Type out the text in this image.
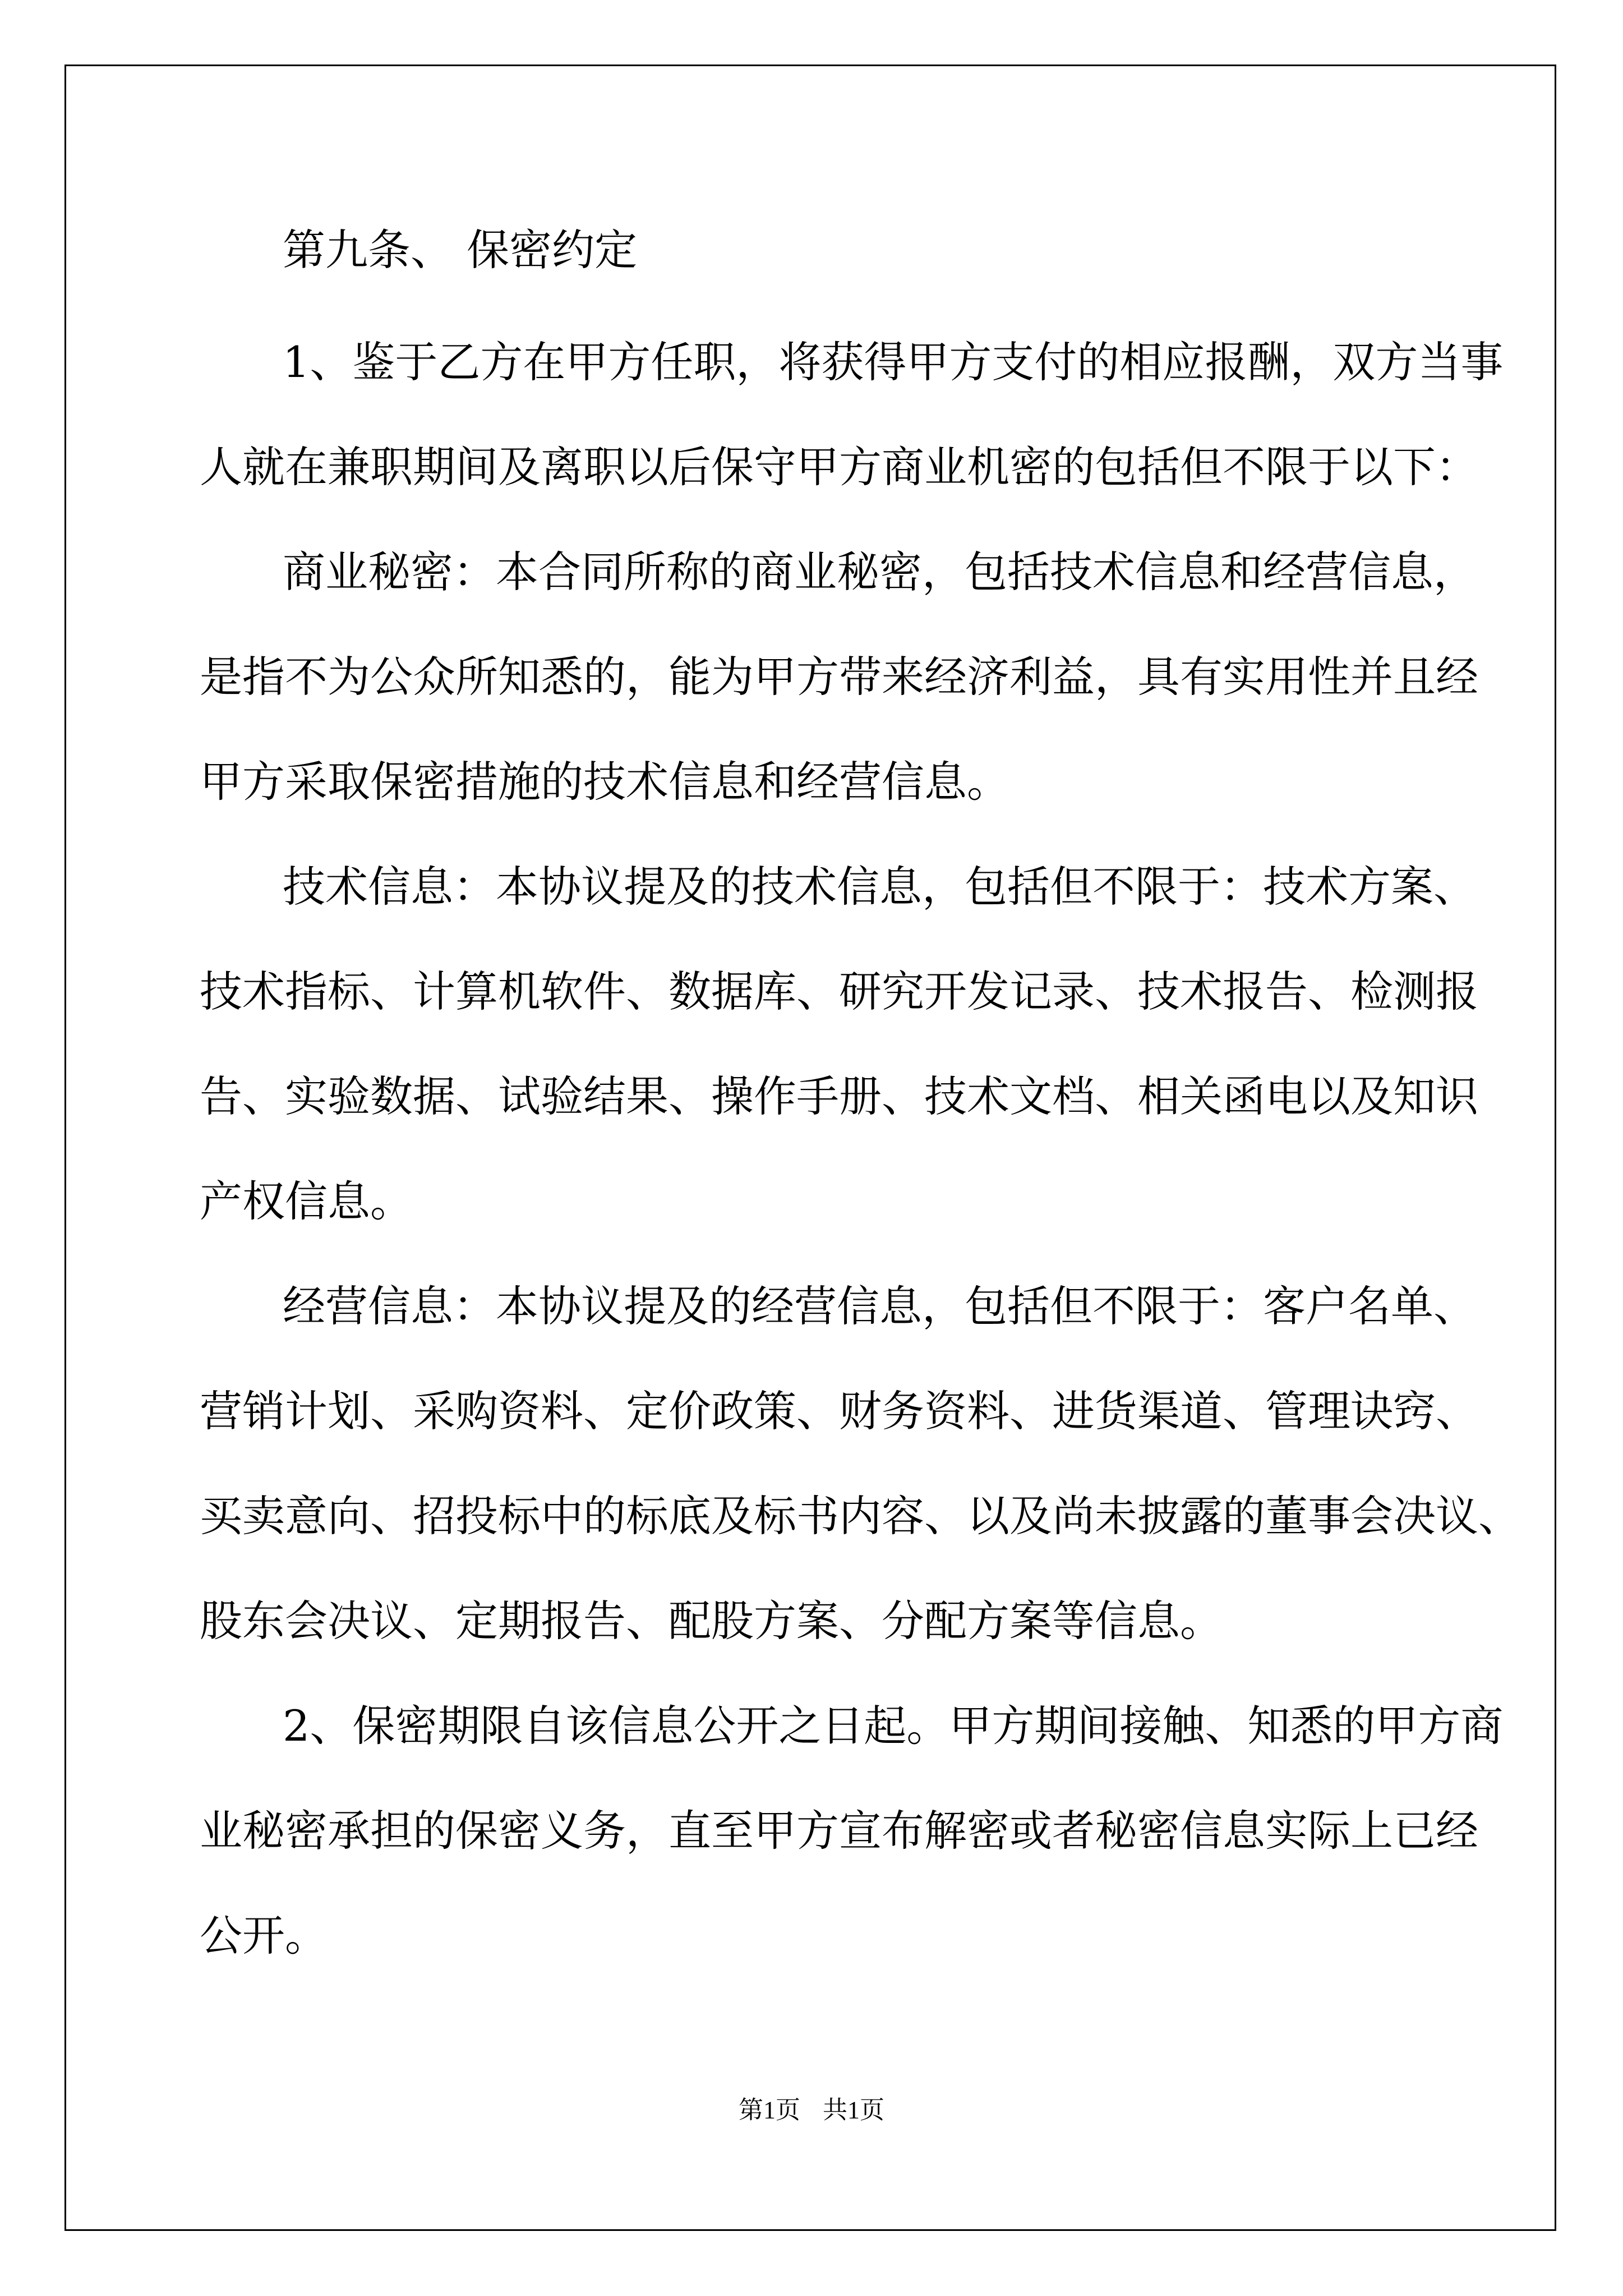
第九条、 保密约定
1、鉴于乙方在甲方任职，将获得甲方支付的相应报酬，双方当事
人就在兼职期间及离职以后保守甲方商业机密的包括但不限于以下：
商业秘密：本合同所称的商业秘密，包括技术信息和经营信息，
是指不为公众所知悉的，能为甲方带来经济利益，具有实用性并且经
甲方采取保密措施的技术信息和经营信息。
技术信息：本协议提及的技术信息，包括但不限于：技术方案、
技术指标、计算机软件、数据库、研究开发记录、技术报告、检测报
告、实验数据、试验结果、操作手册、技术文档、相关函电以及知识
产权信息。
经营信息：本协议提及的经营信息，包括但不限于：客户名单、
营销计划、采购资料、定价政策、财务资料、进货渠道、管理诀窍、
买卖意向、招投标中的标底及标书内容、以及尚未披露的董事会决议、
股东会决议、定期报告、配股方案、分配方案等信息。
2、保密期限自该信息公开之日起。甲方期间接触、知悉的甲方商
业秘密承担的保密义务，直至甲方宣布解密或者秘密信息实际上已经
公开。
第1页 共1页
